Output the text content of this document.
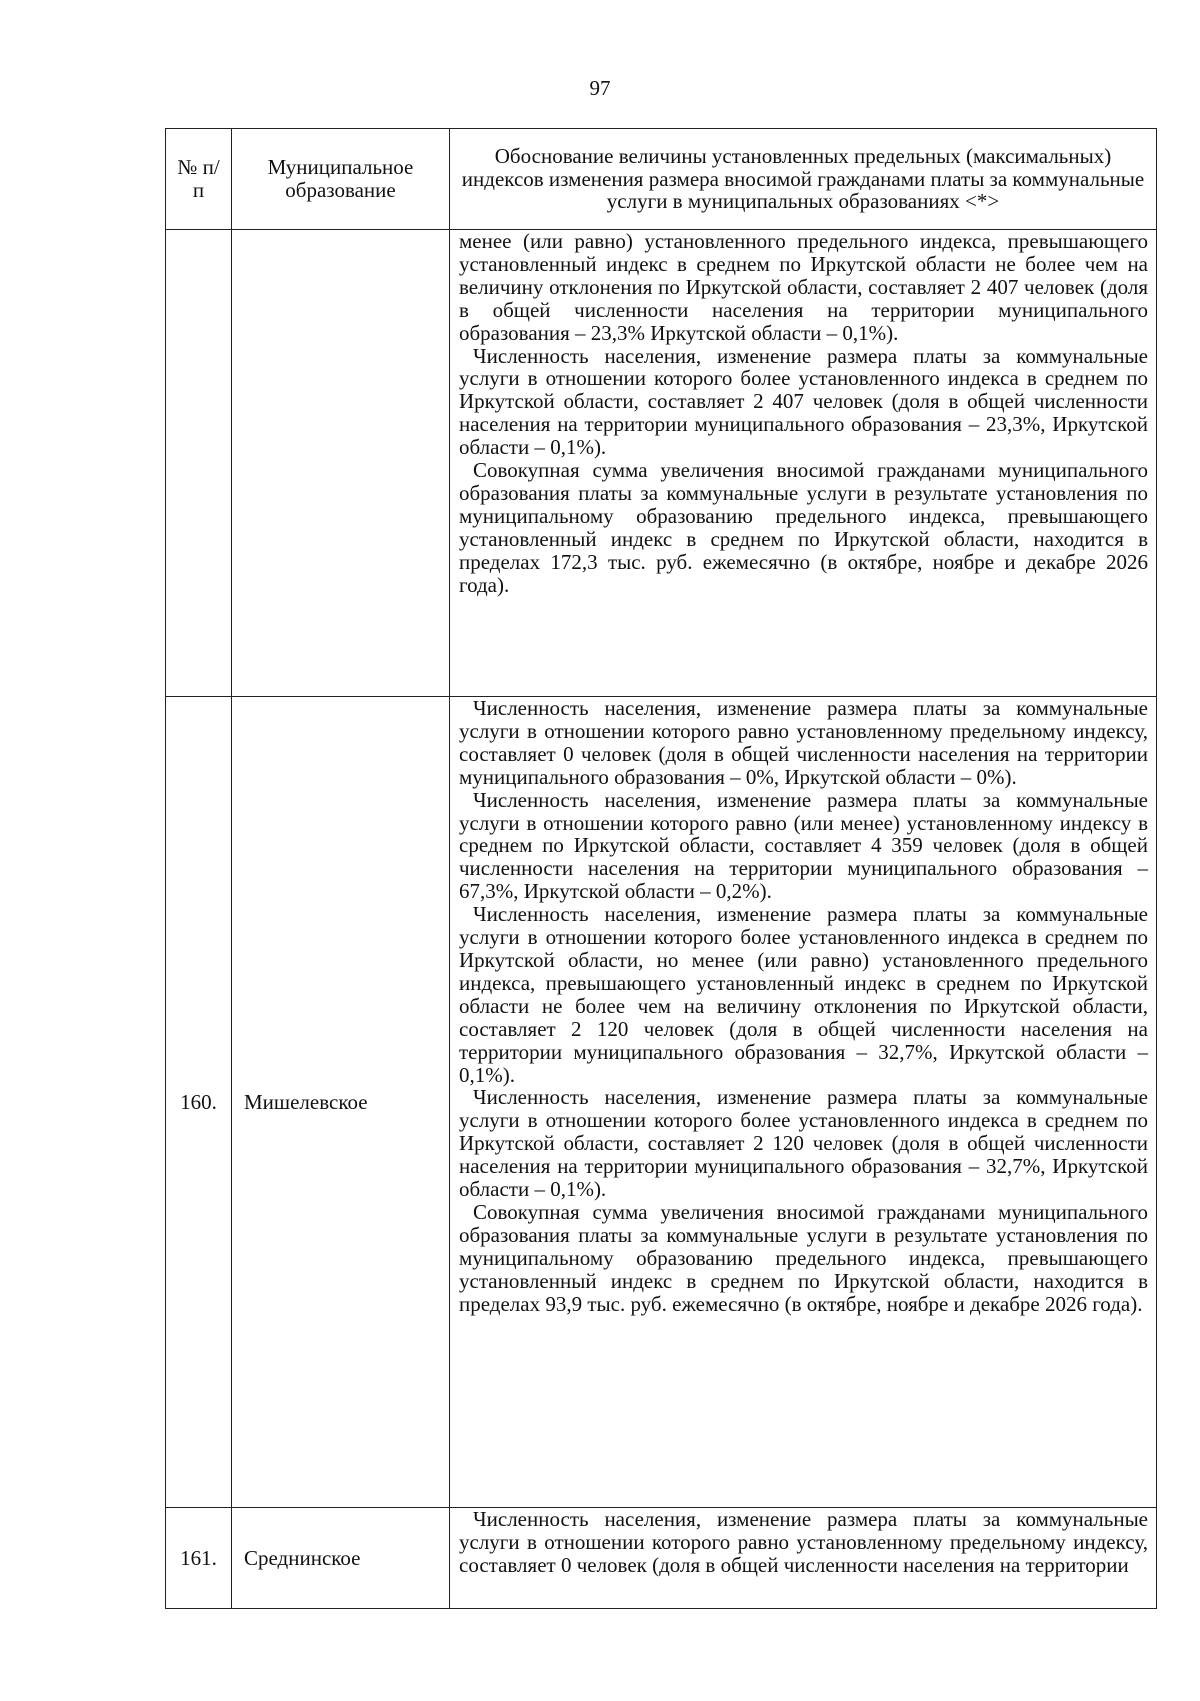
97
№ п/п	Муниципальное образование	Обоснование величины установленных предельных (максимальных) индексов изменения размера вносимой гражданами платы за коммунальные услуги в муниципальных образованиях <*>

		менее (или равно) установленного предельного индекса, превышающего установленный индекс в среднем по Иркутской области не более чем на величину отклонения по Иркутской области, составляет 2 407 человек (доля в общей численности населения на территории муниципального образования – 23,3% Иркутской области – 0,1%).

Численность населения, изменение размера платы за коммунальные услуги в отношении которого более установленного индекса в среднем по Иркутской области, составляет 2 407 человек (доля в общей численности населения на территории муниципального образования – 23,3%, Иркутской области – 0,1%).

Совокупная сумма увеличения вносимой гражданами муниципального образования платы за коммунальные услуги в результате установления по муниципальному образованию предельного индекса, превышающего установленный индекс в среднем по Иркутской области, находится в пределах 172,3 тыс. руб. ежемесячно (в октябре, ноябре и декабре 2026 года).

160.	Мишелевское	Численность населения, изменение размера платы за коммунальные услуги в отношении которого равно установленному предельному индексу, составляет 0 человек (доля в общей численности населения на территории муниципального образования – 0%, Иркутской области – 0%).

Численность населения, изменение размера платы за коммунальные услуги в отношении которого равно (или менее) установленному индексу в среднем по Иркутской области, составляет 4 359 человек (доля в общей численности населения на территории муниципального образования – 67,3%, Иркутской области – 0,2%).

Численность населения, изменение размера платы за коммунальные услуги в отношении которого более установленного индекса в среднем по Иркутской области, но менее (или равно) установленного предельного индекса, превышающего установленный индекс в среднем по Иркутской области не более чем на величину отклонения по Иркутской области, составляет 2 120 человек (доля в общей численности населения на территории муниципального образования – 32,7%, Иркутской области – 0,1%).

Численность населения, изменение размера платы за коммунальные услуги в отношении которого более установленного индекса в среднем по Иркутской области, составляет 2 120 человек (доля в общей численности населения на территории муниципального образования – 32,7%, Иркутской области – 0,1%).

Совокупная сумма увеличения вносимой гражданами муниципального образования платы за коммунальные услуги в результате установления по муниципальному образованию предельного индекса, превышающего установленный индекс в среднем по Иркутской области, находится в пределах 93,9 тыс. руб. ежемесячно (в октябре, ноябре и декабре 2026 года).

161.	Среднинское	Численность населения, изменение размера платы за коммунальные услуги в отношении которого равно установленному предельному индексу, составляет 0 человек (доля в общей численности населения на территории
